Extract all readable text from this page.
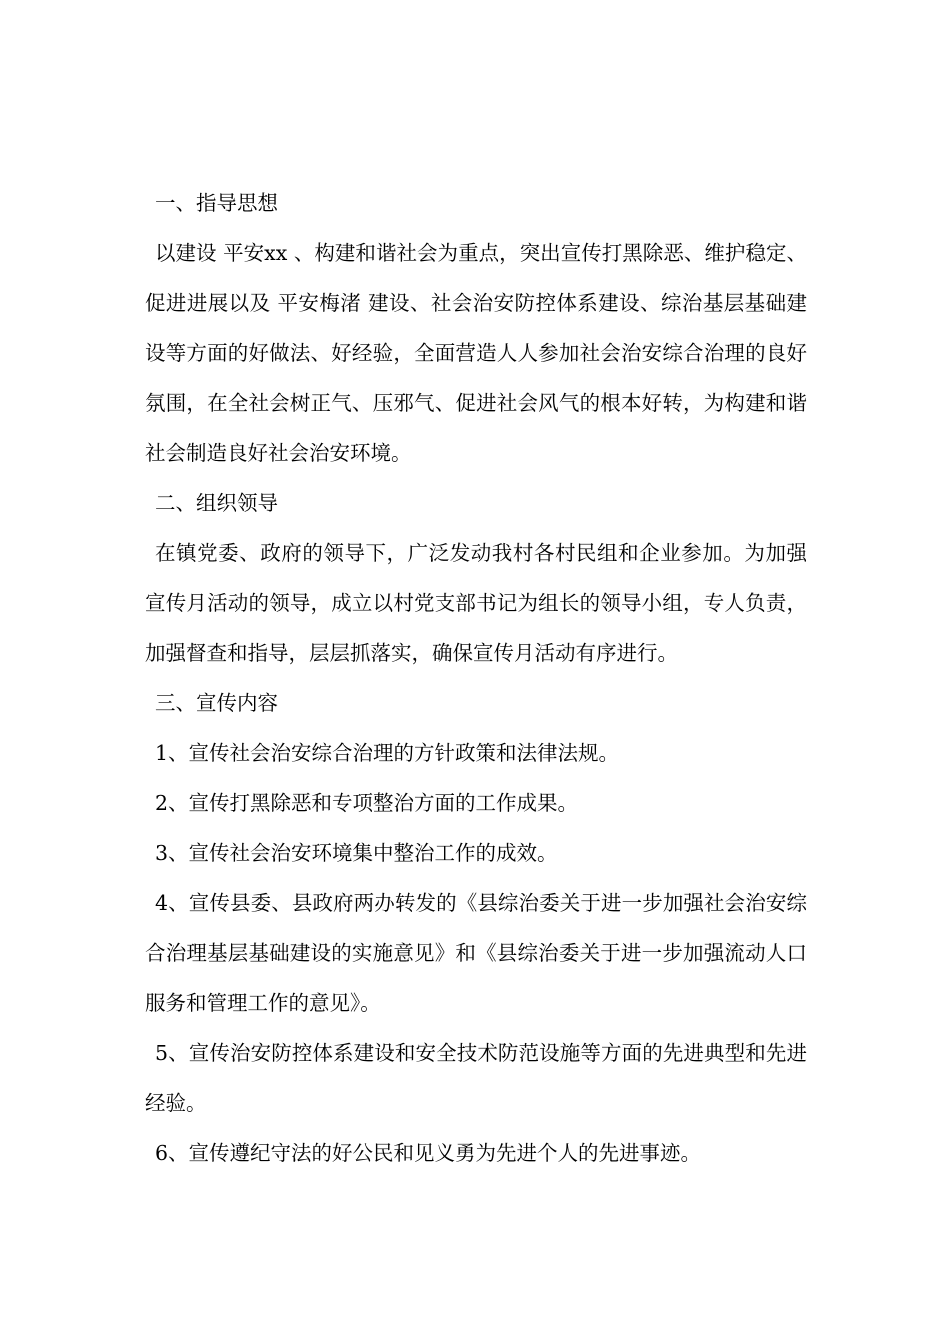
一、指导思想

以建设 平安xx 、构建和谐社会为重点，突出宣传打黑除恶、维护稳定、促进进展以及 平安梅渚 建设、社会治安防控体系建设、综治基层基础建设等方面的好做法、好经验，全面营造人人参加社会治安综合治理的良好氛围，在全社会树正气、压邪气、促进社会风气的根本好转，为构建和谐社会制造良好社会治安环境。

二、组织领导

在镇党委、政府的领导下，广泛发动我村各村民组和企业参加。为加强宣传月活动的领导，成立以村党支部书记为组长的领导小组，专人负责，加强督查和指导，层层抓落实，确保宣传月活动有序进行。

三、宣传内容

1、宣传社会治安综合治理的方针政策和法律法规。

2、宣传打黑除恶和专项整治方面的工作成果。

3、宣传社会治安环境集中整治工作的成效。

4、宣传县委、县政府两办转发的《县综治委关于进一步加强社会治安综合治理基层基础建设的实施意见》和《县综治委关于进一步加强流动人口服务和管理工作的意见》。

5、宣传治安防控体系建设和安全技术防范设施等方面的先进典型和先进经验。

6、宣传遵纪守法的好公民和见义勇为先进个人的先进事迹。
